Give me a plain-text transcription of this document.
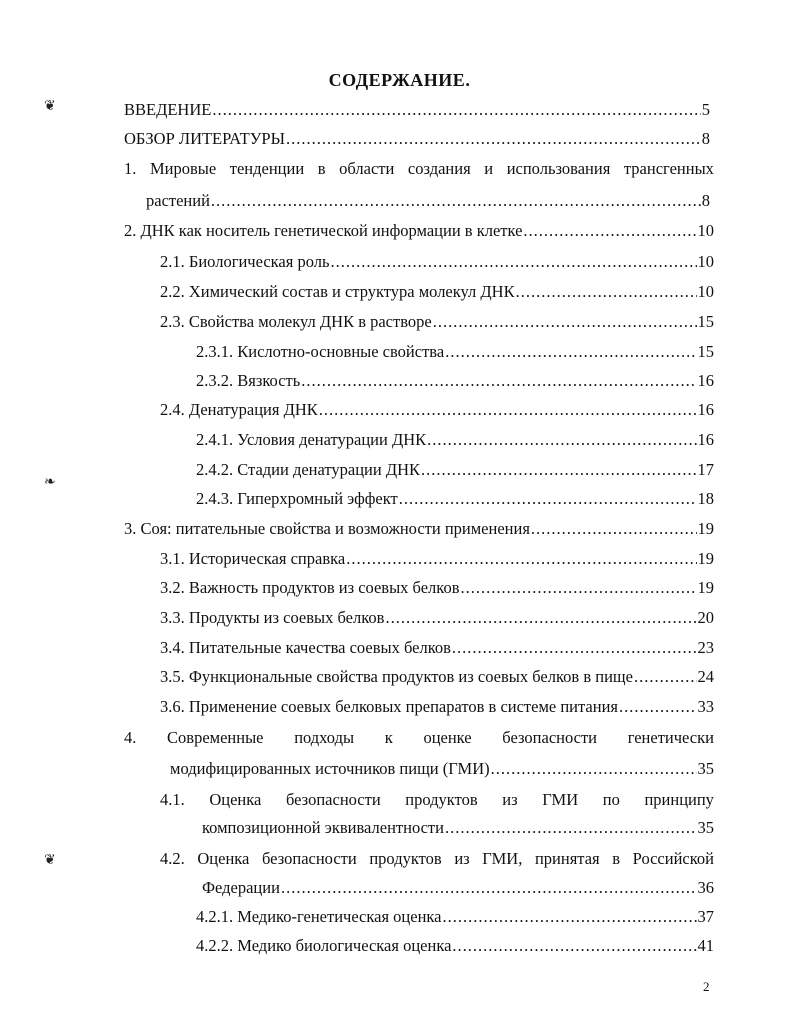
СОДЕРЖАНИЕ.
ВВЕДЕНИЕ .....	5
ОБЗОР ЛИТЕРАТУРЫ .....	8
1. Мировые тенденции в области создания и использования трансгенных
растений .....	8
2. ДНК как носитель генетической информации в клетке .....	10
2.1. Биологическая роль .....	10
2.2. Химический состав и структура молекул ДНК .....	10
2.3. Свойства молекул ДНК в растворе .....	15
2.3.1. Кислотно-основные свойства .....	15
2.3.2. Вязкость .....	16
2.4. Денатурация ДНК .....	16
2.4.1. Условия денатурации ДНК .....	16
2.4.2. Стадии денатурации ДНК .....	17
2.4.3. Гиперхромный эффект .....	18
3. Соя: питательные свойства и возможности применения .....	19
3.1. Историческая справка .....	19
3.2. Важность продуктов из соевых белков .....	19
3.3. Продукты из соевых белков .....	20
3.4. Питательные качества соевых белков .....	23
3.5. Функциональные свойства продуктов из соевых белков в пище .....	24
3.6. Применение соевых белковых препаратов в системе питания .....	33
4. Современные подходы к оценке безопасности генетически
модифицированных источников пищи (ГМИ) .....	35
4.1. Оценка безопасности продуктов из ГМИ по принципу
композиционной эквивалентности .....	35
4.2. Оценка безопасности продуктов из ГМИ, принятая в Российской
Федерации .....	36
4.2.1. Медико-генетическая оценка .....	37
4.2.2. Медико биологическая оценка .....	41
2
❦
❧
❦
